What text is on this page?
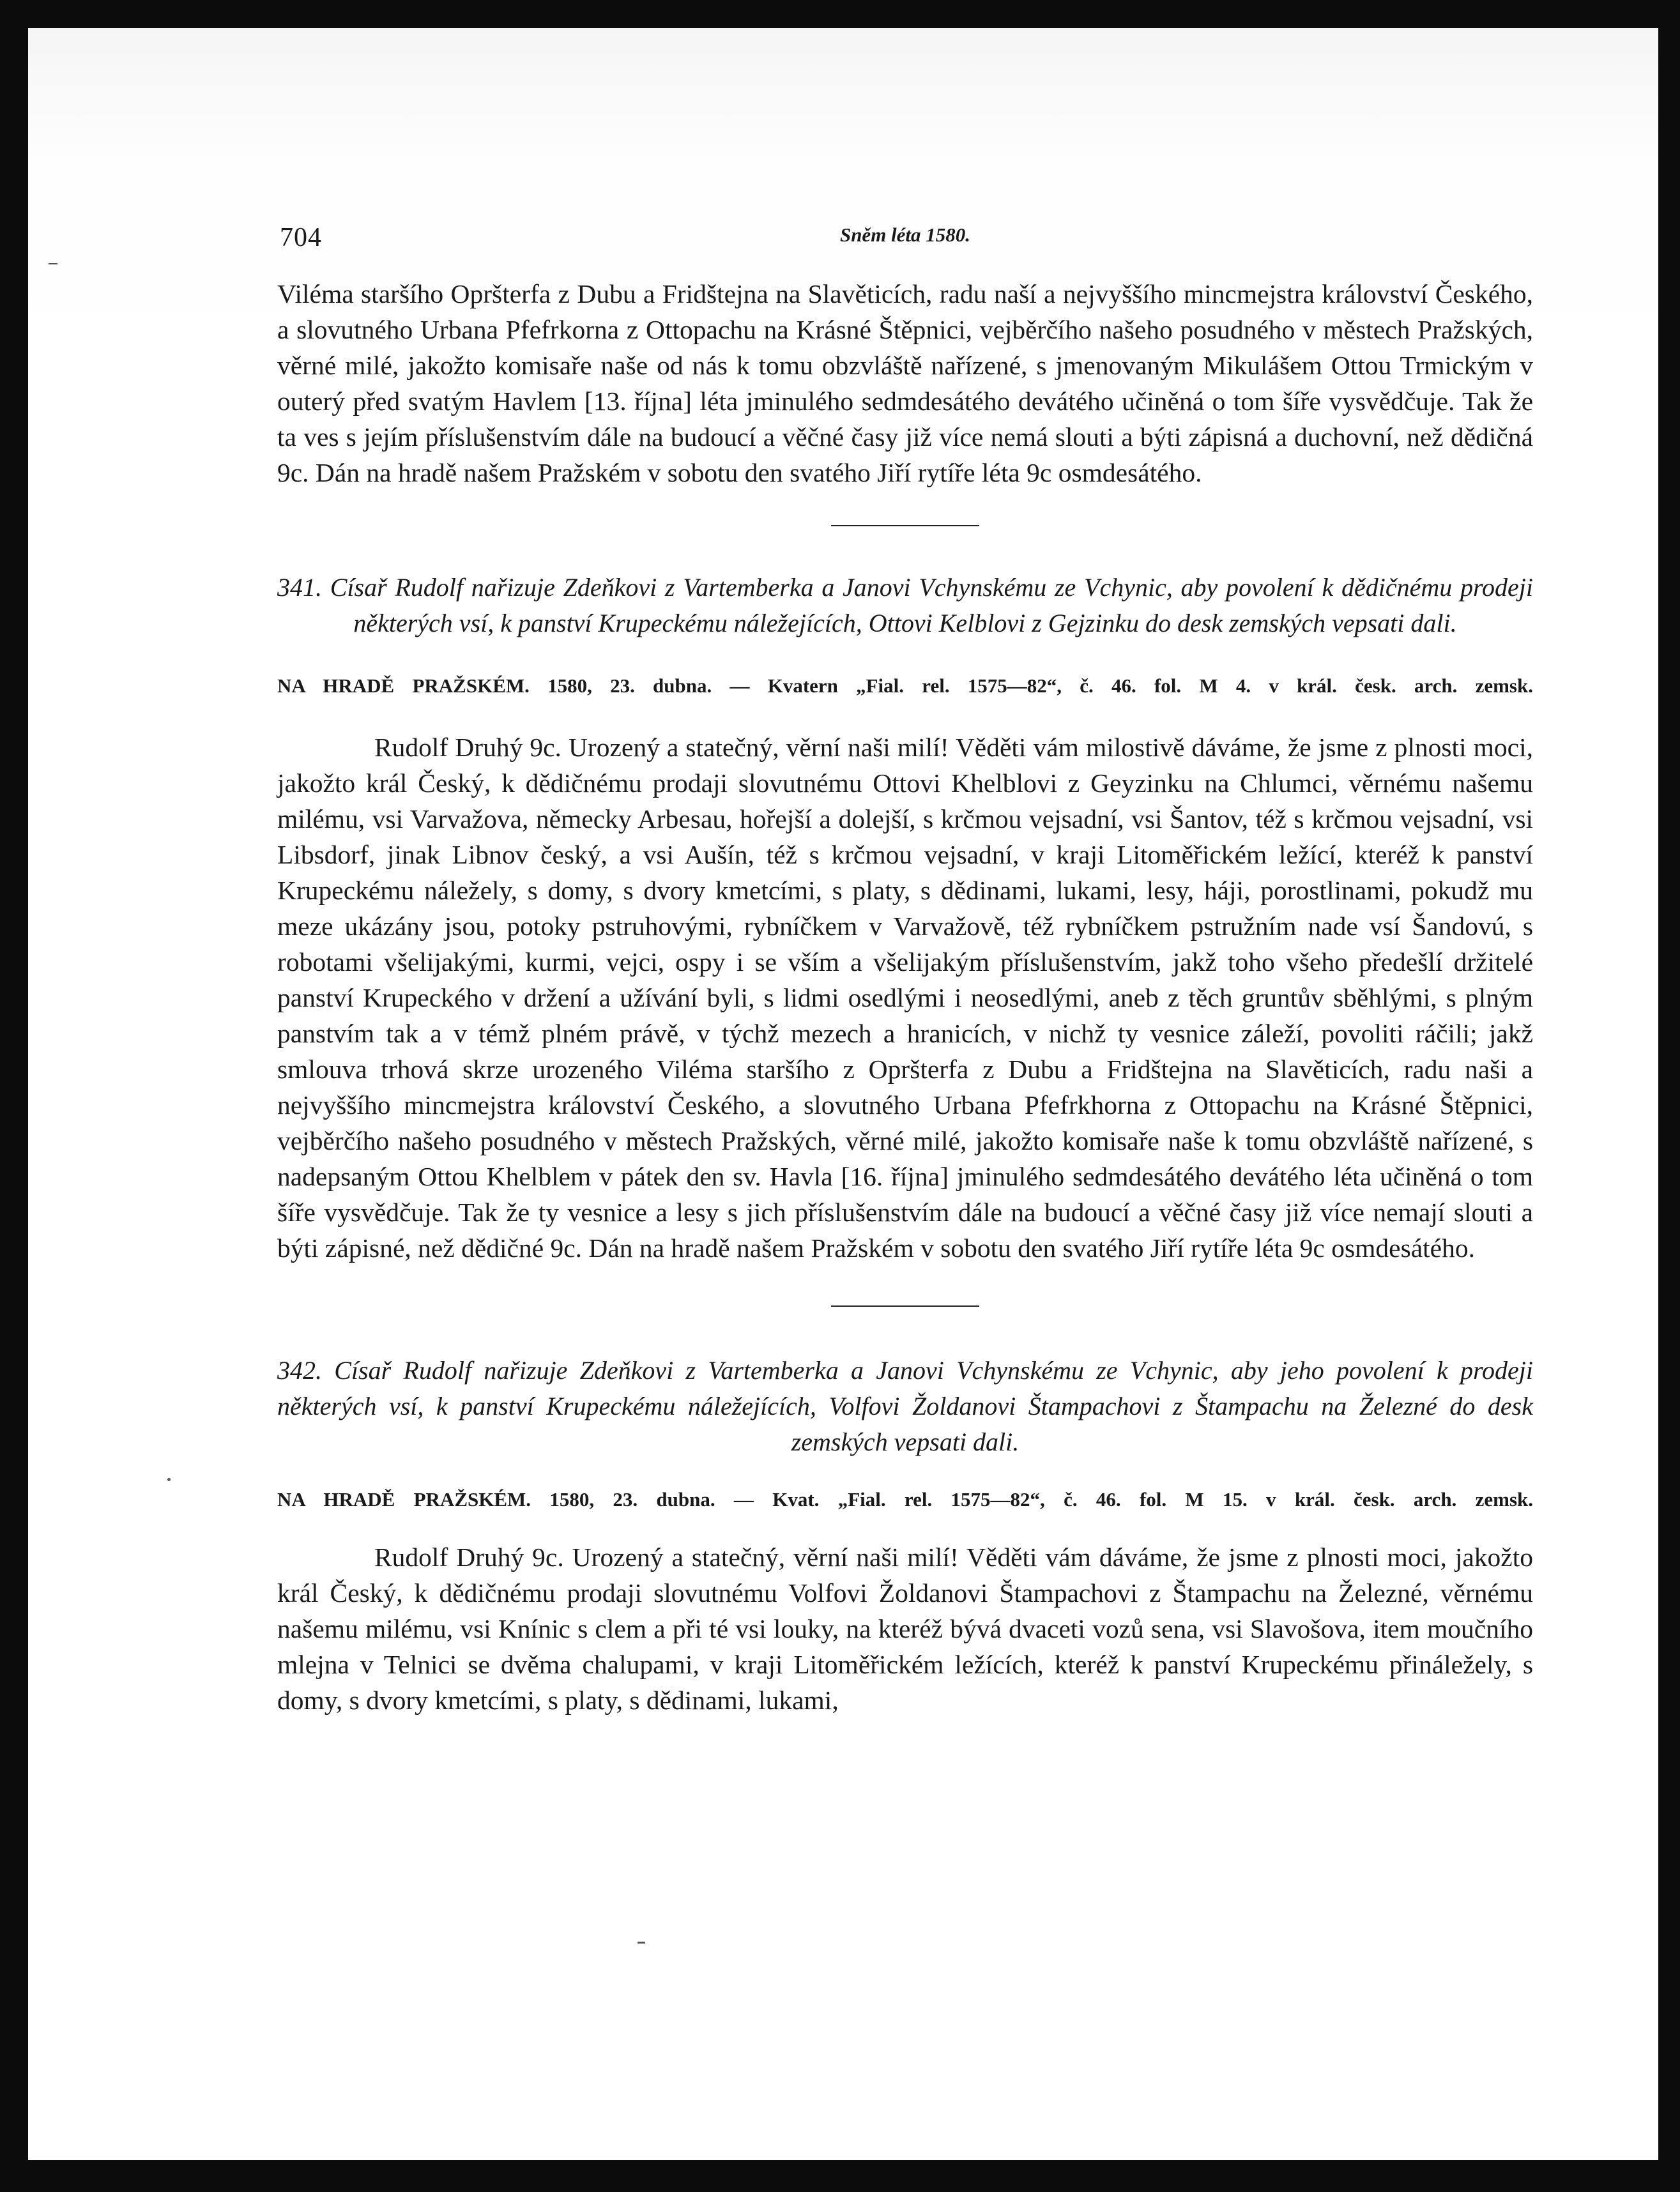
704	Sněm léta 1580.

Viléma staršího Opršterfa z Dubu a Fridštejna na Slavěticích, radu naší a nejvyššího mincmejstra království Českého, a slovutného Urbana Pfefrkorna z Ottopachu na Krásné Štěpnici, vejběrčího našeho posudného v městech Pražských, věrné milé, jakožto komisaře naše od nás k tomu obzvláště nařízené, s jmenovaným Mikulášem Ottou Trmickým v outerý před svatým Havlem [13. října] léta jminulého sedmdesátého devátého učiněná o tom šíře vysvědčuje. Tak že ta ves s jejím příslušenstvím dále na budoucí a věčné časy již více nemá slouti a býti zápisná a duchovní, než dědičná 9c. Dán na hradě našem Pražském v sobotu den svatého Jiří rytíře léta 9c osmdesátého.

341. Císař Rudolf nařizuje Zdeňkovi z Vartemberka a Janovi Vchynskému ze Vchynic, aby povolení k dědičnému prodeji některých vsí, k panství Krupeckému náležejících, Ottovi Kelblovi z Gejzinku do desk zemských vepsati dali.

NA HRADĚ PRAŽSKÉM. 1580, 23. dubna. — Kvatern „Fial. rel. 1575—82“, č. 46. fol. M 4. v král. česk. arch. zemsk.

Rudolf Druhý 9c. Urozený a statečný, věrní naši milí! Věděti vám milostivě dáváme, že jsme z plnosti moci, jakožto král Český, k dědičnému prodaji slovutnému Ottovi Khelblovi z Geyzinku na Chlumci, věrnému našemu milému, vsi Varvažova, německy Arbesau, hořejší a dolejší, s krčmou vejsadní, vsi Šantov, též s krčmou vejsadní, vsi Libsdorf, jinak Libnov český, a vsi Aušín, též s krčmou vejsadní, v kraji Litoměřickém ležící, kteréž k panství Krupeckému náležely, s domy, s dvory kmetcími, s platy, s dědinami, lukami, lesy, háji, porostlinami, pokudž mu meze ukázány jsou, potoky pstruhovými, rybníčkem v Varvažově, též rybníčkem pstružním nade vsí Šandovú, s robotami všelijakými, kurmi, vejci, ospy i se vším a všelijakým příslušenstvím, jakž toho všeho předešlí držitelé panství Krupeckého v držení a užívání byli, s lidmi osedlými i neosedlými, aneb z těch gruntův sběhlými, s plným panstvím tak a v témž plném právě, v týchž mezech a hranicích, v nichž ty vesnice záleží, povoliti ráčili; jakž smlouva trhová skrze urozeného Viléma staršího z Opršterfa z Dubu a Fridštejna na Slavěticích, radu naši a nejvyššího mincmejstra království Českého, a slovutného Urbana Pfefrkhorna z Ottopachu na Krásné Štěpnici, vejběrčího našeho posudného v městech Pražských, věrné milé, jakožto komisaře naše k tomu obzvláště nařízené, s nadepsaným Ottou Khelblem v pátek den sv. Havla [16. října] jminulého sedmdesátého devátého léta učiněná o tom šíře vysvědčuje. Tak že ty vesnice a lesy s jich příslušenstvím dále na budoucí a věčné časy již více nemají slouti a býti zápisné, než dědičné 9c. Dán na hradě našem Pražském v sobotu den svatého Jiří rytíře léta 9c osmdesátého.

342. Císař Rudolf nařizuje Zdeňkovi z Vartemberka a Janovi Vchynskému ze Vchynic, aby jeho povolení k prodeji některých vsí, k panství Krupeckému náležejících, Volfovi Žoldanovi Štampachovi z Štampachu na Železné do desk zemských vepsati dali.

NA HRADĚ PRAŽSKÉM. 1580, 23. dubna. — Kvat. „Fial. rel. 1575—82“, č. 46. fol. M 15. v král. česk. arch. zemsk.

Rudolf Druhý 9c. Urozený a statečný, věrní naši milí! Věděti vám dáváme, že jsme z plnosti moci, jakožto král Český, k dědičnému prodaji slovutnému Volfovi Žoldanovi Štampachovi z Štampachu na Železné, věrnému našemu milému, vsi Knínic s clem a při té vsi louky, na kteréž bývá dvaceti vozů sena, vsi Slavošova, item moučního mlejna v Telnici se dvěma chalupami, v kraji Litoměřickém ležících, kteréž k panství Krupeckému přináležely, s domy, s dvory kmetcími, s platy, s dědinami, lukami,
